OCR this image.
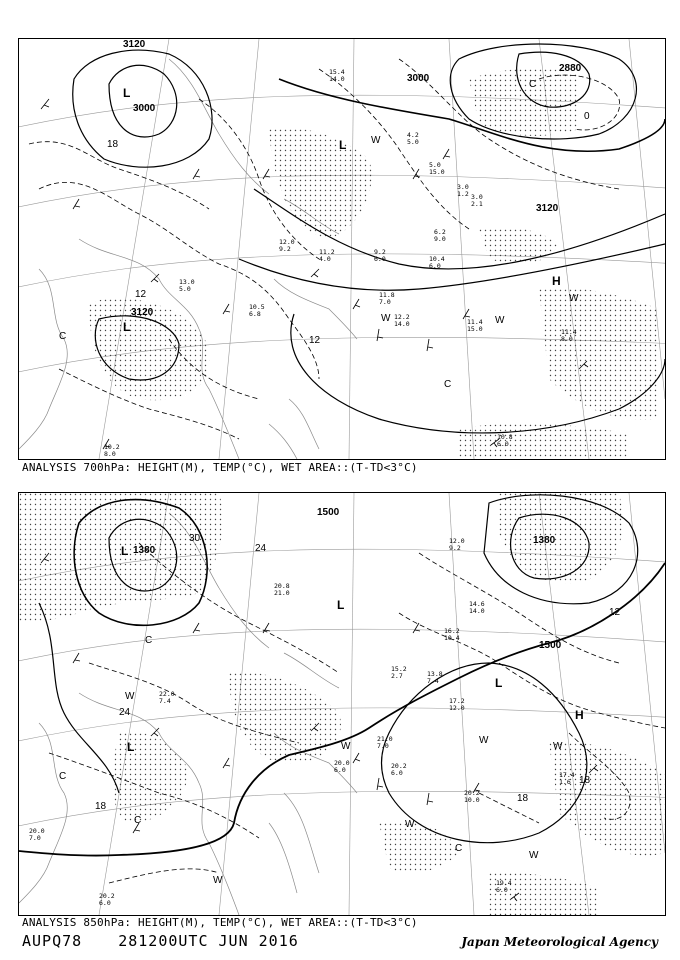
11.8
7.0
12.2
14.0	11.4
15.0	11.4
8.0
10.8
6.0
10.4
6.0
10.2
8.0
9.2
6.0
11.2
4.0
3.0
1.2
5.0
15.0
4.2
5.0
13.0
5.0
12.0
9.2
15.4
14.0
6.2
9.0
3.0
2.1
10.5
6.8
3120
3000
3000
2880
3120
3120
18
12
12
0
L
L
L
H
C
C
C
W
W	W
W
ANALYSIS 700hPa: HEIGHT(M), TEMP(°C), WET AREA::(T-TD<3°C)
20.2
10.0
20.2
6.0
21.0
7.0
20.0
6.0
17.4
1.6
19.4
6.0
20.2
6.0
20.0
7.0
13.8
7.4
16.2
10.4
14.6
14.0
12.0
9.2
17.2
12.0
15.2
2.7
20.8
21.0
22.0
7.4
1500
1380
1500
1380
30
24
24
18
18
12
18
L
L
L
L
H
C
C
C
C
W
W
W
W
W
W
W
ANALYSIS 850hPa: HEIGHT(M), TEMP(°C), WET AREA::(T-TD<3°C)
AUPQ78 281200UTC JUN 2016	Japan Meteorological Agency
